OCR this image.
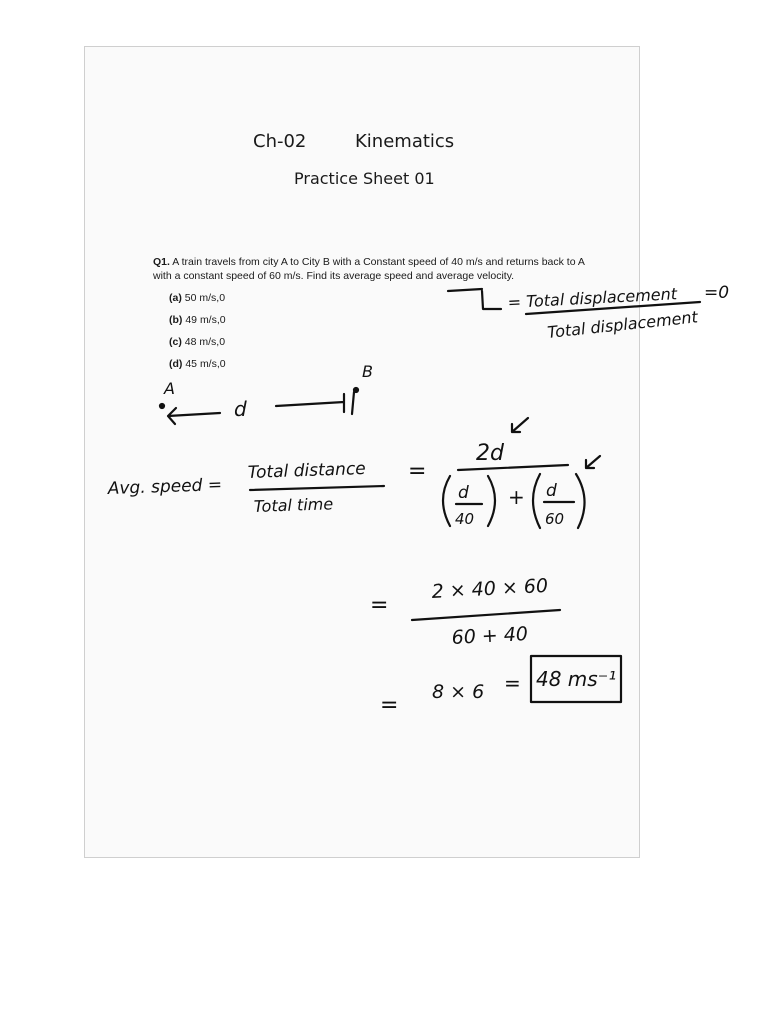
Ch-02	Kinematics
Practice Sheet 01
Q1. A train travels from city A to City B with a Constant speed of 40 m/s and returns back to A with a constant speed of 60 m/s. Find its average speed and average velocity.
(a) 50 m/s,0
(b) 49 m/s,0
(c) 48 m/s,0
(d) 45 m/s,0
= Total displacement
Total displacement
=0
A
B
d
Avg. speed =
Total distance
Total time
=
2d
d
40
+ d
60
=
2 × 40 × 60
60 + 40
=
8 × 6 = 48 ms⁻¹
